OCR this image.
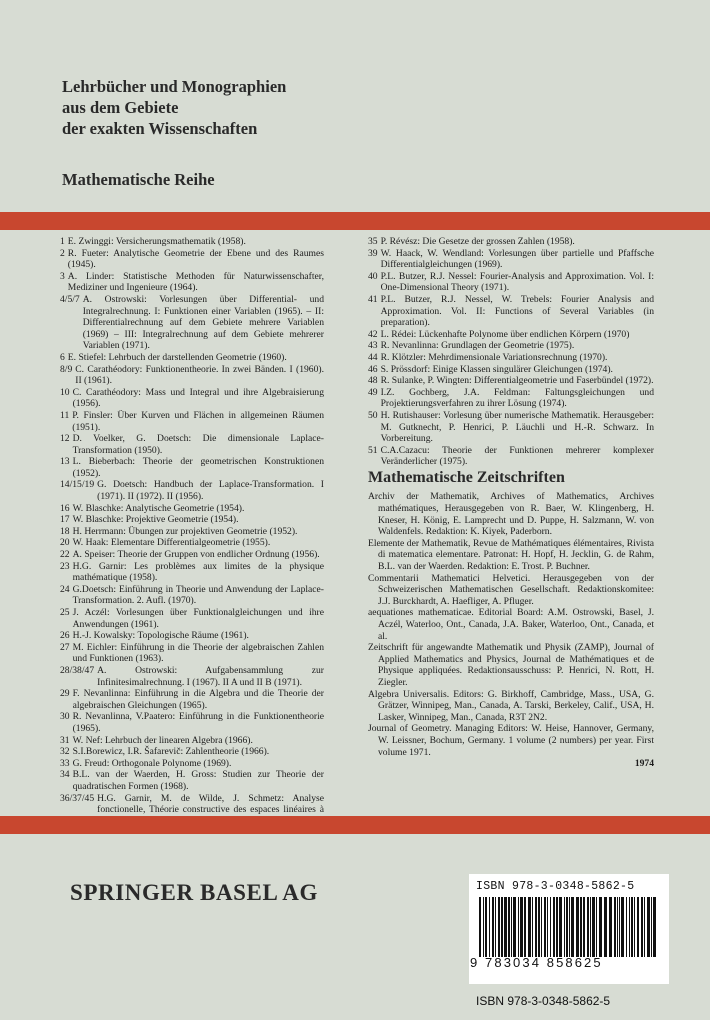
Lehrbücher und Monographien
aus dem Gebiete
der exakten Wissenschaften
Mathematische Reihe
1 E. Zwinggi: Versicherungsmathematik (1958).
2 R. Fueter: Analytische Geometrie der Ebene und des Raumes (1945).
3 A. Linder: Statistische Methoden für Naturwissenschafter, Mediziner und Ingenieure (1964).
4/5/7 A. Ostrowski: Vorlesungen über Differential- und Integralrechnung. I: Funktionen einer Variablen (1965). – II: Differentialrechnung auf dem Gebiete mehrere Variablen (1969) – III: Integralrechnung auf dem Gebiete mehrerer Variablen (1971).
6 E. Stiefel: Lehrbuch der darstellenden Geometrie (1960).
8/9 C. Carathéodory: Funktionentheorie. In zwei Bänden. I (1960). II (1961).
10 C. Carathéodory: Mass und Integral und ihre Algebraisierung (1956).
11 P. Finsler: Über Kurven und Flächen in allgemeinen Räumen (1951).
12 D. Voelker, G. Doetsch: Die dimensionale Laplace-Transformation (1950).
13 L. Bieberbach: Theorie der geometrischen Konstruktionen (1952).
14/15/19 G. Doetsch: Handbuch der Laplace-Transformation. I (1971). II (1972). II (1956).
16 W. Blaschke: Analytische Geometrie (1954).
17 W. Blaschke: Projektive Geometrie (1954).
18 H. Herrmann: Übungen zur projektiven Geometrie (1952).
20 W. Haak: Elementare Differentialgeometrie (1955).
22 A. Speiser: Theorie der Gruppen von endlicher Ordnung (1956).
23 H.G. Garnir: Les problèmes aux limites de la physique mathématique (1958).
24 G.Doetsch: Einführung in Theorie und Anwendung der Laplace-Transformation. 2. Aufl. (1970).
25 J. Aczél: Vorlesungen über Funktionalgleichungen und ihre Anwendungen (1961).
26 H.-J. Kowalsky: Topologische Räume (1961).
27 M. Eichler: Einführung in die Theorie der algebraischen Zahlen und Funktionen (1963).
28/38/47 A. Ostrowski: Aufgabensammlung zur Infinitesimalrechnung. I (1967). II A und II B (1971).
29 F. Nevanlinna: Einführung in die Algebra und die Theorie der algebraischen Gleichungen (1965).
30 R. Nevanlinna, V.Paatero: Einführung in die Funktionentheorie (1965).
31 W. Nef: Lehrbuch der linearen Algebra (1966).
32 S.I.Borewicz, I.R. Šafarevič: Zahlentheorie (1966).
33 G. Freud: Orthogonale Polynome (1969).
34 B.L. van der Waerden, H. Gross: Studien zur Theorie der quadratischen Formen (1968).
36/37/45 H.G. Garnir, M. de Wilde, J. Schmetz: Analyse fonctionelle, Théorie constructive des espaces linéaires à
35 P. Révész: Die Gesetze der grossen Zahlen (1958).
39 W. Haack, W. Wendland: Vorlesungen über partielle und Pfaffsche Differentialgleichungen (1969).
40 P.L. Butzer, R.J. Nessel: Fourier-Analysis and Approximation. Vol. I: One-Dimensional Theory (1971).
41 P.L. Butzer, R.J. Nessel, W. Trebels: Fourier Analysis and Approximation. Vol. II: Functions of Several Variables (in preparation).
42 L. Rédei: Lückenhafte Polynome über endlichen Körpern (1970)
43 R. Nevanlinna: Grundlagen der Geometrie (1975).
44 R. Klötzler: Mehrdimensionale Variationsrechnung (1970).
46 S. Prössdorf: Einige Klassen singulärer Gleichungen (1974).
48 R. Sulanke, P. Wingten: Differentialgeometrie und Faserbündel (1972).
49 I.Z. Gochberg, J.A. Feldman: Faltungsgleichungen und Projektierungsverfahren zu ihrer Lösung (1974).
50 H. Rutishauser: Vorlesung über numerische Mathematik. Herausgeber: M. Gutknecht, P. Henrici, P. Läuchli und H.-R. Schwarz. In Vorbereitung.
51 C.A.Cazacu: Theorie der Funktionen mehrerer komplexer Veränderlicher (1975).
Mathematische Zeitschriften
Archiv der Mathematik, Archives of Mathematics, Archives mathématiques, Herausgegeben von R. Baer, W. Klingenberg, H. Kneser, H. König, E. Lamprecht und D. Puppe, H. Salzmann, W. von Waldenfels. Redaktion: K. Kiyek, Paderborn.
Elemente der Mathematik, Revue de Mathématiques élémentaires, Rivista di matematica elementare. Patronat: H. Hopf, H. Jecklin, G. de Rahm, B.L. van der Waerden. Redaktion: E. Trost. P. Buchner.
Commentarii Mathematici Helvetici. Herausgegeben von der Schweizerischen Mathematischen Gesellschaft. Redaktionskomitee: J.J. Burckhardt, A. Haefliger, A. Pfluger.
aequationes mathematicae. Editorial Board: A.M. Ostrowski, Basel, J. Aczél, Waterloo, Ont., Canada, J.A. Baker, Waterloo, Ont., Canada, et al.
Zeitschrift für angewandte Mathematik und Physik (ZAMP), Journal of Applied Mathematics and Physics, Journal de Mathématiques et de Physique appliquées. Redaktionsausschuss: P. Henrici, N. Rott, H. Ziegler.
Algebra Universalis. Editors: G. Birkhoff, Cambridge, Mass., USA, G. Grätzer, Winnipeg, Man., Canada, A. Tarski, Berkeley, Calif., USA, H. Lasker, Winnipeg, Man., Canada, R3T 2N2.
Journal of Geometry. Managing Editors: W. Heise, Hannover, Germany, W. Leissner, Bochum, Germany. 1 volume (2 numbers) per year. First volume 1971.
1974
SPRINGER BASEL AG	ISBN 978-3-0348-5862-5
9 783034 858625
ISBN 978-3-0348-5862-5
